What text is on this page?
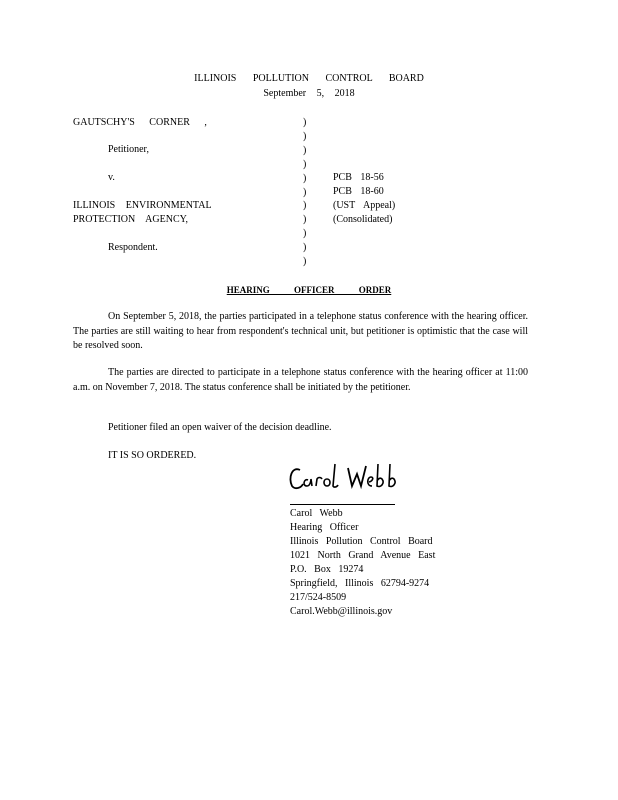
ILLINOIS POLLUTION CONTROL BOARD
September 5, 2018
GAUTSCHY'S CORNER ,
Petitioner,
v.
ILLINOIS ENVIRONMENTAL
PROTECTION AGENCY,
Respondent.
)
)
)
)
)
)
)
)
)
)
)
PCB 18-56
PCB 18-60
(UST Appeal)
(Consolidated)
HEARING OFFICER ORDER
On September 5, 2018, the parties participated in a telephone status conference with the hearing officer. The parties are still waiting to hear from respondent's technical unit, but petitioner is optimistic that the case will be resolved soon.
The parties are directed to participate in a telephone status conference with the hearing officer at 11:00 a.m. on November 7, 2018. The status conference shall be initiated by the petitioner.
Petitioner filed an open waiver of the decision deadline.
IT IS SO ORDERED.
Carol Webb
Hearing Officer
Illinois Pollution Control Board
1021 North Grand Avenue East
P.O. Box 19274
Springfield, Illinois 62794-9274
217/524-8509
Carol.Webb@illinois.gov
